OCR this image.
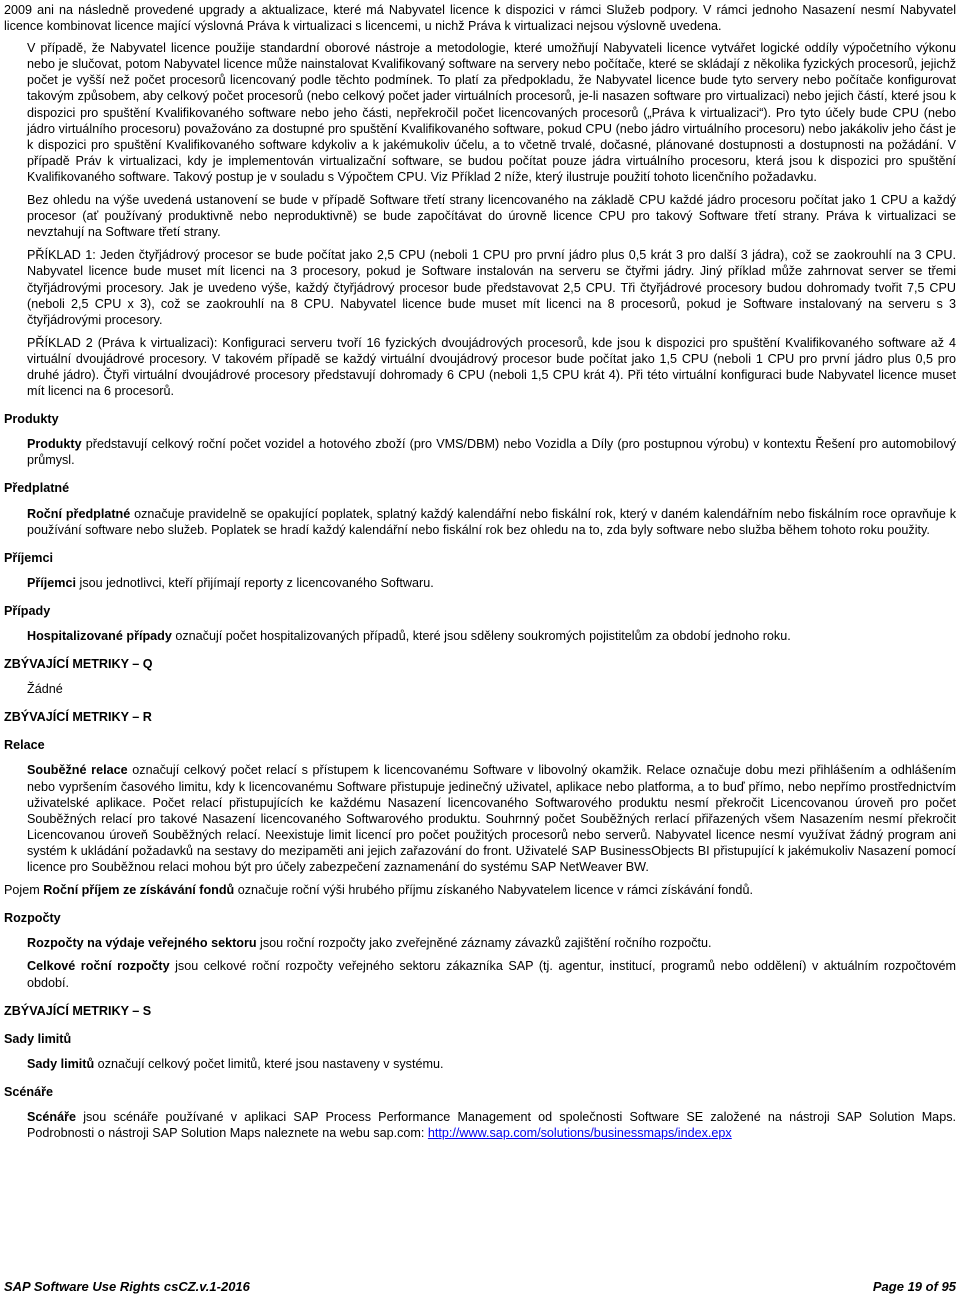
2009 ani na následně provedené upgrady a aktualizace, které má Nabyvatel licence k dispozici v rámci Služeb podpory. V rámci jednoho Nasazení nesmí Nabyvatel licence kombinovat licence mající výslovná Práva k virtualizaci s licencemi, u nichž Práva k virtualizaci nejsou výslovně uvedena.

V případě, že Nabyvatel licence použije standardní oborové nástroje a metodologie, které umožňují Nabyvateli licence vytvářet logické oddíly výpočetního výkonu nebo je slučovat, potom Nabyvatel licence může nainstalovat Kvalifikovaný software na servery nebo počítače, které se skládají z několika fyzických procesorů, jejichž počet je vyšší než počet procesorů licencovaný podle těchto podmínek. To platí za předpokladu, že Nabyvatel licence bude tyto servery nebo počítače konfigurovat takovým způsobem, aby celkový počet procesorů (nebo celkový počet jader virtuálních procesorů, je-li nasazen software pro virtualizaci) nebo jejich částí, které jsou k dispozici pro spuštění Kvalifikovaného software nebo jeho části, nepřekročil počet licencovaných procesorů („Práva k virtualizaci“). Pro tyto účely bude CPU (nebo jádro virtuálního procesoru) považováno za dostupné pro spuštění Kvalifikovaného software, pokud CPU (nebo jádro virtuálního procesoru) nebo jakákoliv jeho část je k dispozici pro spuštění Kvalifikovaného software kdykoliv a k jakémukoliv účelu, a to včetně trvalé, dočasné, plánované dostupnosti a dostupnosti na požádání. V případě Práv k virtualizaci, kdy je implementován virtualizační software, se budou počítat pouze jádra virtuálního procesoru, která jsou k dispozici pro spuštění Kvalifikovaného software. Takový postup je v souladu s Výpočtem CPU. Viz Příklad 2 níže, který ilustruje použití tohoto licenčního požadavku.

Bez ohledu na výše uvedená ustanovení se bude v případě Software třetí strany licencovaného na základě CPU každé jádro procesoru počítat jako 1 CPU a každý procesor (ať používaný produktivně nebo neproduktivně) se bude započítávat do úrovně licence CPU pro takový Software třetí strany. Práva k virtualizaci se nevztahují na Software třetí strany.

PŘÍKLAD 1: Jeden čtyřjádrový procesor se bude počítat jako 2,5 CPU (neboli 1 CPU pro první jádro plus 0,5 krát 3 pro další 3 jádra), což se zaokrouhlí na 3 CPU. Nabyvatel licence bude muset mít licenci na 3 procesory, pokud je Software instalován na serveru se čtyřmi jádry. Jiný příklad může zahrnovat server se třemi čtyřjádrovými procesory. Jak je uvedeno výše, každý čtyřjádrový procesor bude představovat 2,5 CPU. Tři čtyřjádrové procesory budou dohromady tvořit 7,5 CPU (neboli 2,5 CPU x 3), což se zaokrouhlí na 8 CPU. Nabyvatel licence bude muset mít licenci na 8 procesorů, pokud je Software instalovaný na serveru s 3 čtyřjádrovými procesory.

PŘÍKLAD 2 (Práva k virtualizaci): Konfiguraci serveru tvoří 16 fyzických dvoujádrových procesorů, kde jsou k dispozici pro spuštění Kvalifikovaného software až 4 virtuální dvoujádrové procesory. V takovém případě se každý virtuální dvoujádrový procesor bude počítat jako 1,5 CPU (neboli 1 CPU pro první jádro plus 0,5 pro druhé jádro). Čtyři virtuální dvoujádrové procesory představují dohromady 6 CPU (neboli 1,5 CPU krát 4). Při této virtuální konfiguraci bude Nabyvatel licence muset mít licenci na 6 procesorů.

Produkty

Produkty představují celkový roční počet vozidel a hotového zboží (pro VMS/DBM) nebo Vozidla a Díly (pro postupnou výrobu) v kontextu Řešení pro automobilový průmysl.

Předplatné

Roční předplatné označuje pravidelně se opakující poplatek, splatný každý kalendářní nebo fiskální rok, který v daném kalendářním nebo fiskálním roce opravňuje k používání software nebo služeb. Poplatek se hradí každý kalendářní nebo fiskální rok bez ohledu na to, zda byly software nebo služba během tohoto roku použity.

Příjemci

Příjemci jsou jednotlivci, kteří přijímají reporty z licencovaného Softwaru.

Případy

Hospitalizované případy označují počet hospitalizovaných případů, které jsou sděleny soukromých pojistitelům za období jednoho roku.

ZBÝVAJÍCÍ METRIKY – Q

Žádné

ZBÝVAJÍCÍ METRIKY – R

Relace

Souběžné relace označují celkový počet relací s přístupem k licencovanému Software v libovolný okamžik. Relace označuje dobu mezi přihlášením a odhlášením nebo vypršením časového limitu, kdy k licencovanému Software přistupuje jedinečný uživatel, aplikace nebo platforma, a to buď přímo, nebo nepřímo prostřednictvím uživatelské aplikace. Počet relací přistupujících ke každému Nasazení licencovaného Softwarového produktu nesmí překročit Licencovanou úroveň pro počet Souběžných relací pro takové Nasazení licencovaného Softwarového produktu. Souhrnný počet Souběžných rerlací přiřazených všem Nasazením nesmí překročit Licencovanou úroveň Souběžných relací. Neexistuje limit licencí pro počet použitých procesorů nebo serverů. Nabyvatel licence nesmí využívat žádný program ani systém k ukládání požadavků na sestavy do mezipaměti ani jejich zařazování do front. Uživatelé SAP BusinessObjects BI přistupující k jakémukoliv Nasazení pomocí licence pro Souběžnou relaci mohou být pro účely zabezpečení zaznamenání do systému SAP NetWeaver BW.

Pojem Roční příjem ze získávání fondů označuje roční výši hrubého příjmu získaného Nabyvatelem licence v rámci získávání fondů.

Rozpočty

Rozpočty na výdaje veřejného sektoru jsou roční rozpočty jako zveřejněné záznamy závazků zajištění ročního rozpočtu.

Celkové roční rozpočty jsou celkové roční rozpočty veřejného sektoru zákazníka SAP (tj. agentur, institucí, programů nebo oddělení) v aktuálním rozpočtovém období.

ZBÝVAJÍCÍ METRIKY – S

Sady limitů

Sady limitů označují celkový počet limitů, které jsou nastaveny v systému.

Scénáře

Scénáře jsou scénáře používané v aplikaci SAP Process Performance Management od společnosti Software SE založené na nástroji SAP Solution Maps. Podrobnosti o nástroji SAP Solution Maps naleznete na webu sap.com: http://www.sap.com/solutions/businessmaps/index.epx

SAP Software Use Rights csCZ.v.1-2016	Page 19 of 95
